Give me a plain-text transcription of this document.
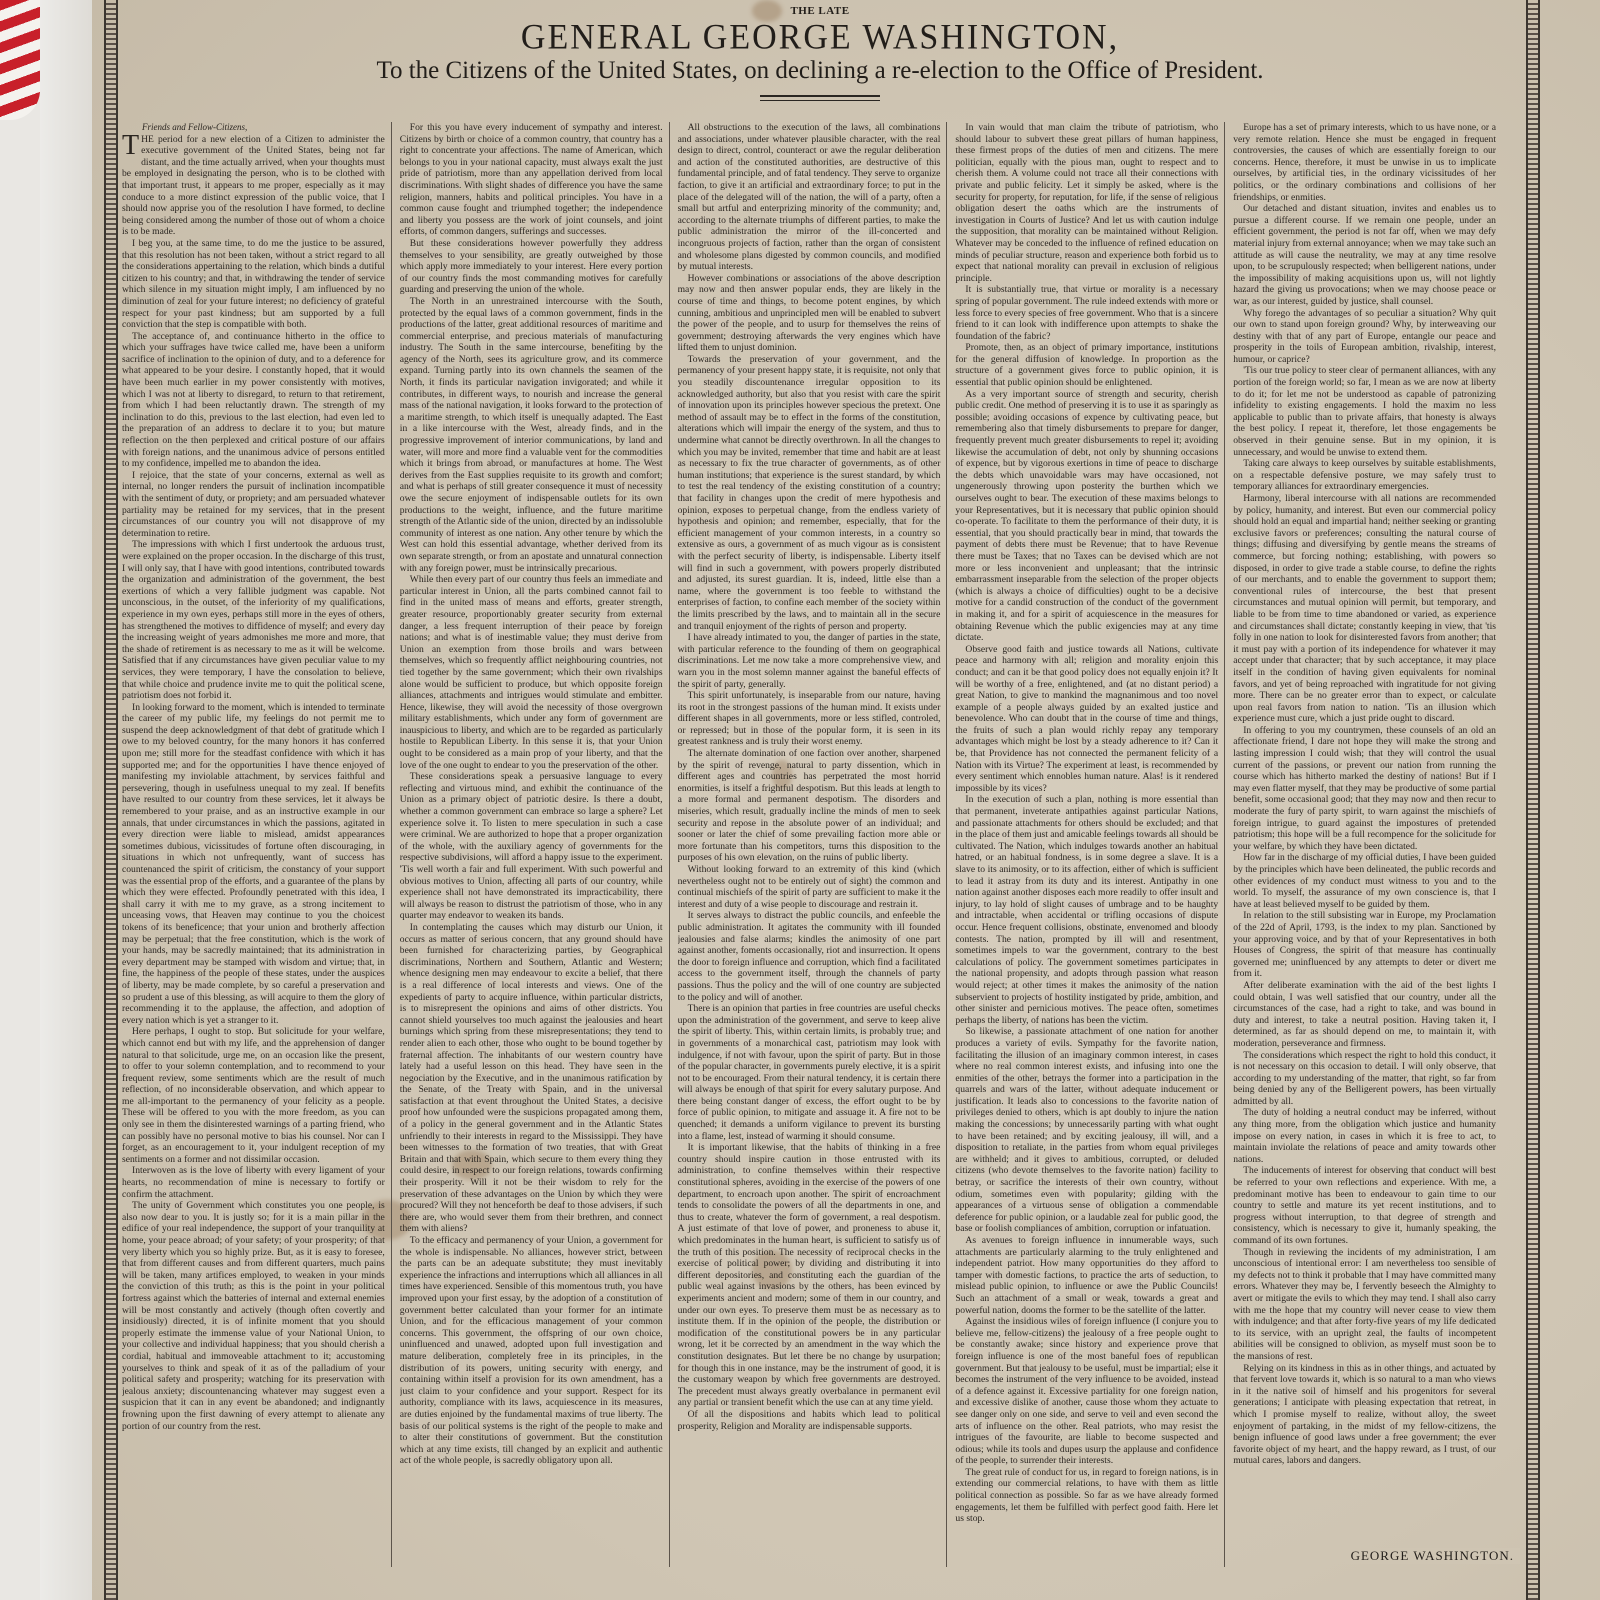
THE LATE
GENERAL GEORGE WASHINGTON,
To the Citizens of the United States, on declining a re-election to the Office of President.
Friends and Fellow-Citizens,

THE period for a new election of a Citizen to administer the executive government of the United States, being not far distant, and the time actually arrived, when your thoughts must be employed in designating the person, who is to be clothed with that important trust, it appears to me proper, especially as it may conduce to a more distinct expression of the public voice, that I should now apprise you of the resolution I have formed, to decline being considered among the number of those out of whom a choice is to be made.

I beg you, at the same time, to do me the justice to be assured, that this resolution has not been taken, without a strict regard to all the considerations appertaining to the relation, which binds a dutiful citizen to his country; and that, in withdrawing the tender of service which silence in my situation might imply, I am influenced by no diminution of zeal for your future interest; no deficiency of grateful respect for your past kindness; but am supported by a full conviction that the step is compatible with both.

The acceptance of, and continuance hitherto in the office to which your suffrages have twice called me, have been a uniform sacrifice of inclination to the opinion of duty, and to a deference for what appeared to be your desire. I constantly hoped, that it would have been much earlier in my power consistently with motives, which I was not at liberty to disregard, to return to that retirement, from which I had been reluctantly drawn. The strength of my inclination to do this, previous to the last election, had even led to the preparation of an address to declare it to you; but mature reflection on the then perplexed and critical posture of our affairs with foreign nations, and the unanimous advice of persons entitled to my confidence, impelled me to abandon the idea.

I rejoice, that the state of your concerns, external as well as internal, no longer renders the pursuit of inclination incompatible with the sentiment of duty, or propriety; and am persuaded whatever partiality may be retained for my services, that in the present circumstances of our country you will not disapprove of my determination to retire.

The impressions with which I first undertook the arduous trust, were explained on the proper occasion. In the discharge of this trust, I will only say, that I have with good intentions, contributed towards the organization and administration of the government, the best exertions of which a very fallible judgment was capable. Not unconscious, in the outset, of the inferiority of my qualifications, experience in my own eyes, perhaps still more in the eyes of others, has strengthened the motives to diffidence of myself; and every day the increasing weight of years admonishes me more and more, that the shade of retirement is as necessary to me as it will be welcome. Satisfied that if any circumstances have given peculiar value to my services, they were temporary, I have the consolation to believe, that while choice and prudence invite me to quit the political scene, patriotism does not forbid it.

In looking forward to the moment, which is intended to terminate the career of my public life, my feelings do not permit me to suspend the deep acknowledgment of that debt of gratitude which I owe to my beloved country, for the many honors it has conferred upon me; still more for the steadfast confidence with which it has supported me; and for the opportunities I have thence enjoyed of manifesting my inviolable attachment, by services faithful and persevering, though in usefulness unequal to my zeal. If benefits have resulted to our country from these services, let it always be remembered to your praise, and as an instructive example in our annals, that under circumstances in which the passions, agitated in every direction were liable to mislead, amidst appearances sometimes dubious, vicissitudes of fortune often discouraging, in situations in which not unfrequently, want of success has countenanced the spirit of criticism, the constancy of your support was the essential prop of the efforts, and a guarantee of the plans by which they were effected. Profoundly penetrated with this idea, I shall carry it with me to my grave, as a strong incitement to unceasing vows, that Heaven may continue to you the choicest tokens of its beneficence; that your union and brotherly affection may be perpetual; that the free constitution, which is the work of your hands, may be sacredly maintained; that its administration in every department may be stamped with wisdom and virtue; that, in fine, the happiness of the people of these states, under the auspices of liberty, may be made complete, by so careful a preservation and so prudent a use of this blessing, as will acquire to them the glory of recommending it to the applause, the affection, and adoption of every nation which is yet a stranger to it.

Here perhaps, I ought to stop. But solicitude for your welfare, which cannot end but with my life, and the apprehension of danger natural to that solicitude, urge me, on an occasion like the present, to offer to your solemn contemplation, and to recommend to your frequent review, some sentiments which are the result of much reflection, of no inconsiderable observation, and which appear to me all-important to the permanency of your felicity as a people. These will be offered to you with the more freedom, as you can only see in them the disinterested warnings of a parting friend, who can possibly have no personal motive to bias his counsel. Nor can I forget, as an encouragement to it, your indulgent reception of my sentiments on a former and not dissimilar occasion.

Interwoven as is the love of liberty with every ligament of your hearts, no recommendation of mine is necessary to fortify or confirm the attachment.

The unity of Government which constitutes you one people, is also now dear to you. It is justly so; for it is a main pillar in the edifice of your real independence, the support of your tranquility at home, your peace abroad; of your safety; of your prosperity; of that very liberty which you so highly prize. But, as it is easy to foresee, that from different causes and from different quarters, much pains will be taken, many artifices employed, to weaken in your minds the conviction of this truth; as this is the point in your political fortress against which the batteries of internal and external enemies will be most constantly and actively (though often covertly and insidiously) directed, it is of infinite moment that you should properly estimate the immense value of your National Union, to your collective and individual happiness; that you should cherish a cordial, habitual and immoveable attachment to it; accustoming yourselves to think and speak of it as of the palladium of your political safety and prosperity; watching for its preservation with jealous anxiety; discountenancing whatever may suggest even a suspicion that it can in any event be abandoned; and indignantly frowning upon the first dawning of every attempt to alienate any portion of our country from the rest.

For this you have every inducement of sympathy and interest. Citizens by birth or choice of a common country, that country has a right to concentrate your affections. The name of American, which belongs to you in your national capacity, must always exalt the just pride of patriotism, more than any appellation derived from local discriminations. With slight shades of difference you have the same religion, manners, habits and political principles. You have in a common cause fought and triumphed together; the independence and liberty you possess are the work of joint counsels, and joint efforts, of common dangers, sufferings and successes.

But these considerations however powerfully they address themselves to your sensibility, are greatly outweighed by those which apply more immediately to your interest. Here every portion of our country finds the most commanding motives for carefully guarding and preserving the union of the whole.

The North in an unrestrained intercourse with the South, protected by the equal laws of a common government, finds in the productions of the latter, great additional resources of maritime and commercial enterprise, and precious materials of manufacturing industry. The South in the same intercourse, benefiting by the agency of the North, sees its agriculture grow, and its commerce expand. Turning partly into its own channels the seamen of the North, it finds its particular navigation invigorated; and while it contributes, in different ways, to nourish and increase the general mass of the national navigation, it looks forward to the protection of a maritime strength, to which itself is unequally adapted. The East in a like intercourse with the West, already finds, and in the progressive improvement of interior communications, by land and water, will more and more find a valuable vent for the commodities which it brings from abroad, or manufactures at home. The West derives from the East supplies requisite to its growth and comfort; and what is perhaps of still greater consequence it must of necessity owe the secure enjoyment of indispensable outlets for its own productions to the weight, influence, and the future maritime strength of the Atlantic side of the union, directed by an indissoluble community of interest as one nation. Any other tenure by which the West can hold this essential advantage, whether derived from its own separate strength, or from an apostate and unnatural connection with any foreign power, must be intrinsically precarious.

While then every part of our country thus feels an immediate and particular interest in Union, all the parts combined cannot fail to find in the united mass of means and efforts, greater strength, greater resource, proportionably greater security from external danger, a less frequent interruption of their peace by foreign nations; and what is of inestimable value; they must derive from Union an exemption from those broils and wars between themselves, which so frequently afflict neighbouring countries, not tied together by the same government; which their own rivalships alone would be sufficient to produce, but which opposite foreign alliances, attachments and intrigues would stimulate and embitter. Hence, likewise, they will avoid the necessity of those overgrown military establishments, which under any form of government are inauspicious to liberty, and which are to be regarded as particularly hostile to Republican Liberty. In this sense it is, that your Union ought to be considered as a main prop of your liberty, and that the love of the one ought to endear to you the preservation of the other.

These considerations speak a persuasive language to every reflecting and virtuous mind, and exhibit the continuance of the Union as a primary object of patriotic desire. Is there a doubt, whether a common government can embrace so large a sphere? Let experience solve it. To listen to mere speculation in such a case were criminal. We are authorized to hope that a proper organization of the whole, with the auxiliary agency of governments for the respective subdivisions, will afford a happy issue to the experiment. 'Tis well worth a fair and full experiment. With such powerful and obvious motives to Union, affecting all parts of our country, while experience shall not have demonstrated its impracticability, there will always be reason to distrust the patriotism of those, who in any quarter may endeavor to weaken its bands.

In contemplating the causes which may disturb our Union, it occurs as matter of serious concern, that any ground should have been furnished for characterizing parties, by Geographical discriminations, Northern and Southern, Atlantic and Western; whence designing men may endeavour to excite a belief, that there is a real difference of local interests and views. One of the expedients of party to acquire influence, within particular districts, is to misrepresent the opinions and aims of other districts. You cannot shield yourselves too much against the jealousies and heart burnings which spring from these misrepresentations; they tend to render alien to each other, those who ought to be bound together by fraternal affection. The inhabitants of our western country have lately had a useful lesson on this head. They have seen in the negociation by the Executive, and in the unanimous ratification by the Senate, of the Treaty with Spain, and in the universal satisfaction at that event throughout the United States, a decisive proof how unfounded were the suspicions propagated among them, of a policy in the general government and in the Atlantic States unfriendly to their interests in regard to the Mississippi. They have been witnesses to the formation of two treaties, that with Great Britain and that with Spain, which secure to them every thing they could desire, in respect to our foreign relations, towards confirming their prosperity. Will it not be their wisdom to rely for the preservation of these advantages on the Union by which they were procured? Will they not henceforth be deaf to those advisers, if such there are, who would sever them from their brethren, and connect them with aliens?

To the efficacy and permanency of your Union, a government for the whole is indispensable. No alliances, however strict, between the parts can be an adequate substitute; they must inevitably experience the infractions and interruptions which all alliances in all times have experienced. Sensible of this momentous truth, you have improved upon your first essay, by the adoption of a constitution of government better calculated than your former for an intimate Union, and for the efficacious management of your common concerns. This government, the offspring of our own choice, uninfluenced and unawed, adopted upon full investigation and mature deliberation, completely free in its principles, in the distribution of its powers, uniting security with energy, and containing within itself a provision for its own amendment, has a just claim to your confidence and your support. Respect for its authority, compliance with its laws, acquiescence in its measures, are duties enjoined by the fundamental maxims of true liberty. The basis of our political systems is the right of the people to make and to alter their constitutions of government. But the constitution which at any time exists, till changed by an explicit and authentic act of the whole people, is sacredly obligatory upon all.

All obstructions to the execution of the laws, all combinations and associations, under whatever plausible character, with the real design to direct, control, counteract or awe the regular deliberation and action of the constituted authorities, are destructive of this fundamental principle, and of fatal tendency. They serve to organize faction, to give it an artificial and extraordinary force; to put in the place of the delegated will of the nation, the will of a party, often a small but artful and enterprizing minority of the community; and, according to the alternate triumphs of different parties, to make the public administration the mirror of the ill-concerted and incongruous projects of faction, rather than the organ of consistent and wholesome plans digested by common councils, and modified by mutual interests.

However combinations or associations of the above description may now and then answer popular ends, they are likely in the course of time and things, to become potent engines, by which cunning, ambitious and unprincipled men will be enabled to subvert the power of the people, and to usurp for themselves the reins of government; destroying afterwards the very engines which have lifted them to unjust dominion.

Towards the preservation of your government, and the permanency of your present happy state, it is requisite, not only that you steadily discountenance irregular opposition to its acknowledged authority, but also that you resist with care the spirit of innovation upon its principles however specious the pretext. One method of assault may be to effect in the forms of the constitution, alterations which will impair the energy of the system, and thus to undermine what cannot be directly overthrown. In all the changes to which you may be invited, remember that time and habit are at least as necessary to fix the true character of governments, as of other human institutions; that experience is the surest standard, by which to test the real tendency of the existing constitution of a country; that facility in changes upon the credit of mere hypothesis and opinion, exposes to perpetual change, from the endless variety of hypothesis and opinion; and remember, especially, that for the efficient management of your common interests, in a country so extensive as ours, a government of as much vigour as is consistent with the perfect security of liberty, is indispensable. Liberty itself will find in such a government, with powers properly distributed and adjusted, its surest guardian. It is, indeed, little else than a name, where the government is too feeble to withstand the enterprises of faction, to confine each member of the society within the limits prescribed by the laws, and to maintain all in the secure and tranquil enjoyment of the rights of person and property.

I have already intimated to you, the danger of parties in the state, with particular reference to the founding of them on geographical discriminations. Let me now take a more comprehensive view, and warn you in the most solemn manner against the baneful effects of the spirit of party, generally.

This spirit unfortunately, is inseparable from our nature, having its root in the strongest passions of the human mind. It exists under different shapes in all governments, more or less stifled, controled, or repressed; but in those of the popular form, it is seen in its greatest rankness and is truly their worst enemy.

The alternate domination of one faction over another, sharpened by the spirit of revenge, natural to party dissention, which in different ages and countries has perpetrated the most horrid enormities, is itself a frightful despotism. But this leads at length to a more formal and permanent despotism. The disorders and miseries, which result, gradually incline the minds of men to seek security and repose in the absolute power of an individual; and sooner or later the chief of some prevailing faction more able or more fortunate than his competitors, turns this disposition to the purposes of his own elevation, on the ruins of public liberty.

Without looking forward to an extremity of this kind (which nevertheless ought not to be entirely out of sight) the common and continual mischiefs of the spirit of party are sufficient to make it the interest and duty of a wise people to discourage and restrain it.

It serves always to distract the public councils, and enfeeble the public administration. It agitates the community with ill founded jealousies and false alarms; kindles the animosity of one part against another, foments occasionally, riot and insurrection. It opens the door to foreign influence and corruption, which find a facilitated access to the government itself, through the channels of party passions. Thus the policy and the will of one country are subjected to the policy and will of another.

There is an opinion that parties in free countries are useful checks upon the administration of the government, and serve to keep alive the spirit of liberty. This, within certain limits, is probably true; and in governments of a monarchical cast, patriotism may look with indulgence, if not with favour, upon the spirit of party. But in those of the popular character, in governments purely elective, it is a spirit not to be encouraged. From their natural tendency, it is certain there will always be enough of that spirit for every salutary purpose. And there being constant danger of excess, the effort ought to be by force of public opinion, to mitigate and assuage it. A fire not to be quenched; it demands a uniform vigilance to prevent its bursting into a flame, lest, instead of warming it should consume.

It is important likewise, that the habits of thinking in a free country should inspire caution in those entrusted with its administration, to confine themselves within their respective constitutional spheres, avoiding in the exercise of the powers of one department, to encroach upon another. The spirit of encroachment tends to consolidate the powers of all the departments in one, and thus to create, whatever the form of government, a real despotism. A just estimate of that love of power, and proneness to abuse it, which predominates in the human heart, is sufficient to satisfy us of the truth of this position. The necessity of reciprocal checks in the exercise of political power; by dividing and distributing it into different depositories, and constituting each the guardian of the public weal against invasions by the others, has been evinced by experiments ancient and modern; some of them in our country, and under our own eyes. To preserve them must be as necessary as to institute them. If in the opinion of the people, the distribution or modification of the constitutional powers be in any particular wrong, let it be corrected by an amendment in the way which the constitution designates. But let there be no change by usurpation; for though this in one instance, may be the instrument of good, it is the customary weapon by which free governments are destroyed. The precedent must always greatly overbalance in permanent evil any partial or transient benefit which the use can at any time yield.

Of all the dispositions and habits which lead to political prosperity, Religion and Morality are indispensable supports.

In vain would that man claim the tribute of patriotism, who should labour to subvert these great pillars of human happiness, these firmest props of the duties of men and citizens. The mere politician, equally with the pious man, ought to respect and to cherish them. A volume could not trace all their connections with private and public felicity. Let it simply be asked, where is the security for property, for reputation, for life, if the sense of religious obligation desert the oaths which are the instruments of investigation in Courts of Justice? And let us with caution indulge the supposition, that morality can be maintained without Religion. Whatever may be conceded to the influence of refined education on minds of peculiar structure, reason and experience both forbid us to expect that national morality can prevail in exclusion of religious principle.

It is substantially true, that virtue or morality is a necessary spring of popular government. The rule indeed extends with more or less force to every species of free government. Who that is a sincere friend to it can look with indifference upon attempts to shake the foundation of the fabric?

Promote, then, as an object of primary importance, institutions for the general diffusion of knowledge. In proportion as the structure of a government gives force to public opinion, it is essential that public opinion should be enlightened.

As a very important source of strength and security, cherish public credit. One method of preserving it is to use it as sparingly as possible; avoiding occasions of expence by cultivating peace, but remembering also that timely disbursements to prepare for danger, frequently prevent much greater disbursements to repel it; avoiding likewise the accumulation of debt, not only by shunning occasions of expence, but by vigorous exertions in time of peace to discharge the debts which unavoidable wars may have occasioned, not ungenerously throwing upon posterity the burthen which we ourselves ought to bear. The execution of these maxims belongs to your Representatives, but it is necessary that public opinion should co-operate. To facilitate to them the performance of their duty, it is essential, that you should practically bear in mind, that towards the payment of debts there must be Revenue; that to have Revenue there must be Taxes; that no Taxes can be devised which are not more or less inconvenient and unpleasant; that the intrinsic embarrassment inseparable from the selection of the proper objects (which is always a choice of difficulties) ought to be a decisive motive for a candid construction of the conduct of the government in making it, and for a spirit of acquiescence in the measures for obtaining Revenue which the public exigencies may at any time dictate.

Observe good faith and justice towards all Nations, cultivate peace and harmony with all; religion and morality enjoin this conduct; and can it be that good policy does not equally enjoin it? It will be worthy of a free, enlightened, and (at no distant period) a great Nation, to give to mankind the magnanimous and too novel example of a people always guided by an exalted justice and benevolence. Who can doubt that in the course of time and things, the fruits of such a plan would richly repay any temporary advantages which might be lost by a steady adherence to it? Can it be, that Providence has not connected the permanent felicity of a Nation with its Virtue? The experiment at least, is recommended by every sentiment which ennobles human nature. Alas! is it rendered impossible by its vices?

In the execution of such a plan, nothing is more essential than that permanent, inveterate antipathies against particular Nations, and passionate attachments for others should be excluded; and that in the place of them just and amicable feelings towards all should be cultivated. The Nation, which indulges towards another an habitual hatred, or an habitual fondness, is in some degree a slave. It is a slave to its animosity, or to its affection, either of which is sufficient to lead it astray from its duty and its interest. Antipathy in one nation against another disposes each more readily to offer insult and injury, to lay hold of slight causes of umbrage and to be haughty and intractable, when accidental or trifling occasions of dispute occur. Hence frequent collisions, obstinate, envenomed and bloody contests. The nation, prompted by ill will and resentment, sometimes impels to war the government, contrary to the best calculations of policy. The government sometimes participates in the national propensity, and adopts through passion what reason would reject; at other times it makes the animosity of the nation subservient to projects of hostility instigated by pride, ambition, and other sinister and pernicious motives. The peace often, sometimes perhaps the liberty, of nations has been the victim.

So likewise, a passionate attachment of one nation for another produces a variety of evils. Sympathy for the favorite nation, facilitating the illusion of an imaginary common interest, in cases where no real common interest exists, and infusing into one the enmities of the other, betrays the former into a participation in the quarrels and wars of the latter, without adequate inducement or justification. It leads also to concessions to the favorite nation of privileges denied to others, which is apt doubly to injure the nation making the concessions; by unnecessarily parting with what ought to have been retained; and by exciting jealousy, ill will, and a disposition to retaliate, in the parties from whom equal privileges are withheld; and it gives to ambitious, corrupted, or deluded citizens (who devote themselves to the favorite nation) facility to betray, or sacrifice the interests of their own country, without odium, sometimes even with popularity; gilding with the appearances of a virtuous sense of obligation a commendable deference for public opinion, or a laudable zeal for public good, the base or foolish compliances of ambition, corruption or infatuation.

As avenues to foreign influence in innumerable ways, such attachments are particularly alarming to the truly enlightened and independent patriot. How many opportunities do they afford to tamper with domestic factions, to practice the arts of seduction, to mislead public opinion, to influence or awe the Public Councils! Such an attachment of a small or weak, towards a great and powerful nation, dooms the former to be the satellite of the latter.

Against the insidious wiles of foreign influence (I conjure you to believe me, fellow-citizens) the jealousy of a free people ought to be constantly awake; since history and experience prove that foreign influence is one of the most baneful foes of republican government. But that jealousy to be useful, must be impartial; else it becomes the instrument of the very influence to be avoided, instead of a defence against it. Excessive partiality for one foreign nation, and excessive dislike of another, cause those whom they actuate to see danger only on one side, and serve to veil and even second the arts of influence on the other. Real patriots, who may resist the intrigues of the favourite, are liable to become suspected and odious; while its tools and dupes usurp the applause and confidence of the people, to surrender their interests.

The great rule of conduct for us, in regard to foreign nations, is in extending our commercial relations, to have with them as little political connection as possible. So far as we have already formed engagements, let them be fulfilled with perfect good faith. Here let us stop.

Europe has a set of primary interests, which to us have none, or a very remote relation. Hence she must be engaged in frequent controversies, the causes of which are essentially foreign to our concerns. Hence, therefore, it must be unwise in us to implicate ourselves, by artificial ties, in the ordinary vicissitudes of her politics, or the ordinary combinations and collisions of her friendships, or enmities.

Our detached and distant situation, invites and enables us to pursue a different course. If we remain one people, under an efficient government, the period is not far off, when we may defy material injury from external annoyance; when we may take such an attitude as will cause the neutrality, we may at any time resolve upon, to be scrupulously respected; when belligerent nations, under the impossibility of making acquisitions upon us, will not lightly hazard the giving us provocations; when we may choose peace or war, as our interest, guided by justice, shall counsel.

Why forego the advantages of so peculiar a situation? Why quit our own to stand upon foreign ground? Why, by interweaving our destiny with that of any part of Europe, entangle our peace and prosperity in the toils of European ambition, rivalship, interest, humour, or caprice?

'Tis our true policy to steer clear of permanent alliances, with any portion of the foreign world; so far, I mean as we are now at liberty to do it; for let me not be understood as capable of patronizing infidelity to existing engagements. I hold the maxim no less applicable to public than to private affairs, that honesty is always the best policy. I repeat it, therefore, let those engagements be observed in their genuine sense. But in my opinion, it is unnecessary, and would be unwise to extend them.

Taking care always to keep ourselves by suitable establishments, on a respectable defensive posture, we may safely trust to temporary alliances for extraordinary emergencies.

Harmony, liberal intercourse with all nations are recommended by policy, humanity, and interest. But even our commercial policy should hold an equal and impartial hand; neither seeking or granting exclusive favors or preferences; consulting the natural course of things; diffusing and diversifying by gentle means the streams of commerce, but forcing nothing; establishing, with powers so disposed, in order to give trade a stable course, to define the rights of our merchants, and to enable the government to support them; conventional rules of intercourse, the best that present circumstances and mutual opinion will permit, but temporary, and liable to be from time to time abandoned or varied, as experience and circumstances shall dictate; constantly keeping in view, that 'tis folly in one nation to look for disinterested favors from another; that it must pay with a portion of its independence for whatever it may accept under that character; that by such acceptance, it may place itself in the condition of having given equivalents for nominal favors, and yet of being reproached with ingratitude for not giving more. There can be no greater error than to expect, or calculate upon real favors from nation to nation. 'Tis an illusion which experience must cure, which a just pride ought to discard.

In offering to you my countrymen, these counsels of an old an affectionate friend, I dare not hope they will make the strong and lasting impression I could wish; that they will control the usual current of the passions, or prevent our nation from running the course which has hitherto marked the destiny of nations! But if I may even flatter myself, that they may be productive of some partial benefit, some occasional good; that they may now and then recur to moderate the fury of party spirit, to warn against the mischiefs of foreign intrigue, to guard against the impostures of pretended patriotism; this hope will be a full recompence for the solicitude for your welfare, by which they have been dictated.

How far in the discharge of my official duties, I have been guided by the principles which have been delineated, the public records and other evidences of my conduct must witness to you and to the world. To myself, the assurance of my own conscience is, that I have at least believed myself to be guided by them.

In relation to the still subsisting war in Europe, my Proclamation of the 22d of April, 1793, is the index to my plan. Sanctioned by your approving voice, and by that of your Representatives in both Houses of Congress, the spirit of that measure has continually governed me; uninfluenced by any attempts to deter or divert me from it.

After deliberate examination with the aid of the best lights I could obtain, I was well satisfied that our country, under all the circumstances of the case, had a right to take, and was bound in duty and interest, to take a neutral position. Having taken it, I determined, as far as should depend on me, to maintain it, with moderation, perseverance and firmness.

The considerations which respect the right to hold this conduct, it is not necessary on this occasion to detail. I will only observe, that according to my understanding of the matter, that right, so far from being denied by any of the Belligerent powers, has been virtually admitted by all.

The duty of holding a neutral conduct may be inferred, without any thing more, from the obligation which justice and humanity impose on every nation, in cases in which it is free to act, to maintain inviolate the relations of peace and amity towards other nations.

The inducements of interest for observing that conduct will best be referred to your own reflections and experience. With me, a predominant motive has been to endeavour to gain time to our country to settle and mature its yet recent institutions, and to progress without interruption, to that degree of strength and consistency, which is necessary to give it, humanly speaking, the command of its own fortunes.

Though in reviewing the incidents of my administration, I am unconscious of intentional error: I am nevertheless too sensible of my defects not to think it probable that I may have committed many errors. Whatever they may be, I fervently beseech the Almighty to avert or mitigate the evils to which they may tend. I shall also carry with me the hope that my country will never cease to view them with indulgence; and that after forty-five years of my life dedicated to its service, with an upright zeal, the faults of incompetent abilities will be consigned to oblivion, as myself must soon be to the mansions of rest.

Relying on its kindness in this as in other things, and actuated by that fervent love towards it, which is so natural to a man who views in it the native soil of himself and his progenitors for several generations; I anticipate with pleasing expectation that retreat, in which I promise myself to realize, without alloy, the sweet enjoyment of partaking, in the midst of my fellow-citizens, the benign influence of good laws under a free government; the ever favorite object of my heart, and the happy reward, as I trust, of our mutual cares, labors and dangers.

GEORGE WASHINGTON.
